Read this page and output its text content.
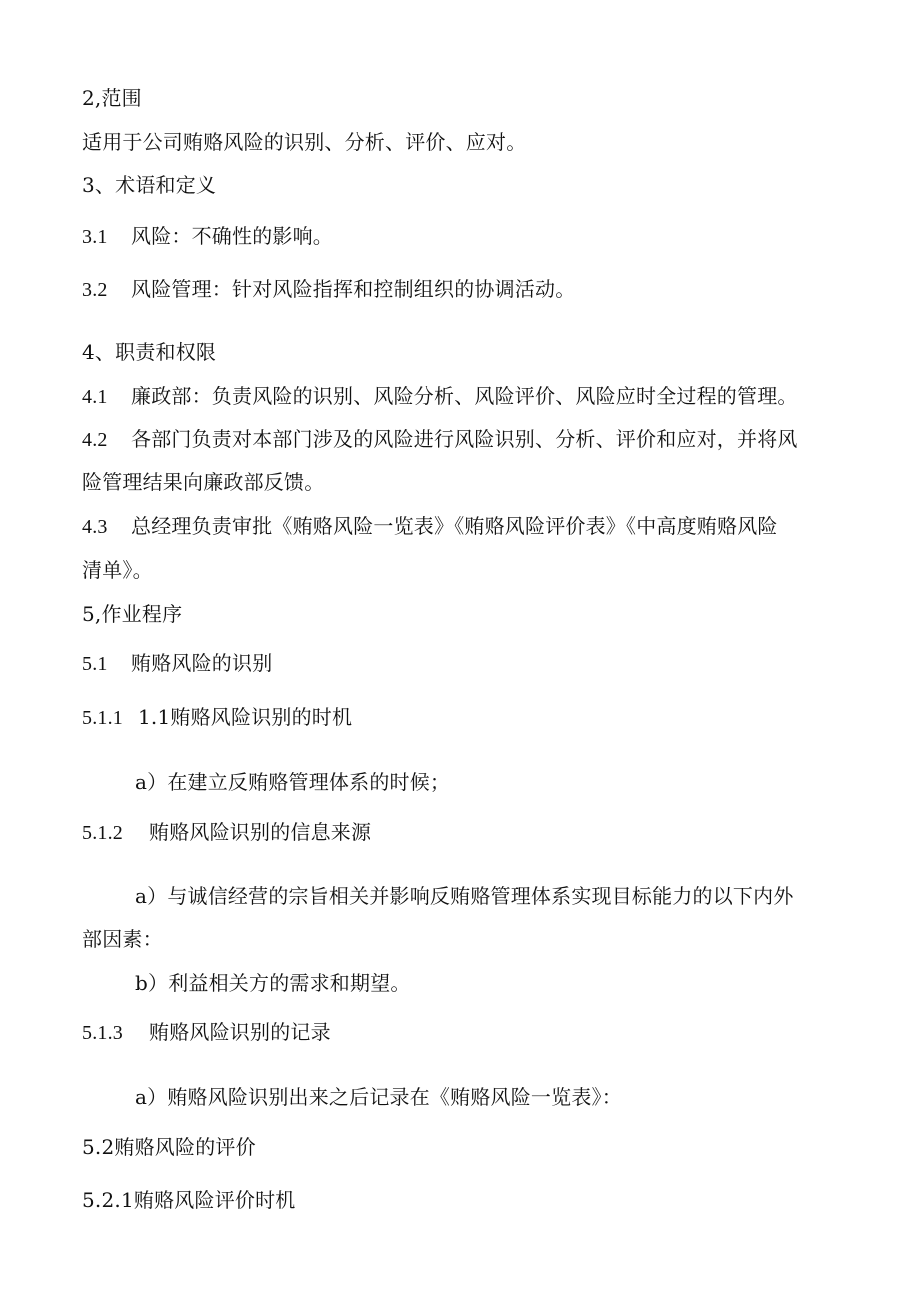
2,范围
适用于公司贿赂风险的识别、分析、评价、应对。
3、术语和定义
3.1 风险：不确性的影响。
3.2 风险管理：针对风险指挥和控制组织的协调活动。
4、职责和权限
4.1 廉政部：负责风险的识别、风险分析、风险评价、风险应时全过程的管理。
4.2 各部门负责对本部门涉及的风险进行风险识别、分析、评价和应对，并将风
险管理结果向廉政部反馈。
4.3 总经理负责审批《贿赂风险一览表》《贿赂风险评价表》《中高度贿赂风险
清单》。
5,作业程序
5.1 贿赂风险的识别
5.1.1 1.1贿赂风险识别的时机
a）在建立反贿赂管理体系的时候；
5.1.2 贿赂风险识别的信息来源
a）与诚信经营的宗旨相关并影响反贿赂管理体系实现目标能力的以下内外
部因素：
b）利益相关方的需求和期望。
5.1.3 贿赂风险识别的记录
a）贿赂风险识别出来之后记录在《贿赂风险一览表》：
5.2贿赂风险的评价
5.2.1贿赂风险评价时机
